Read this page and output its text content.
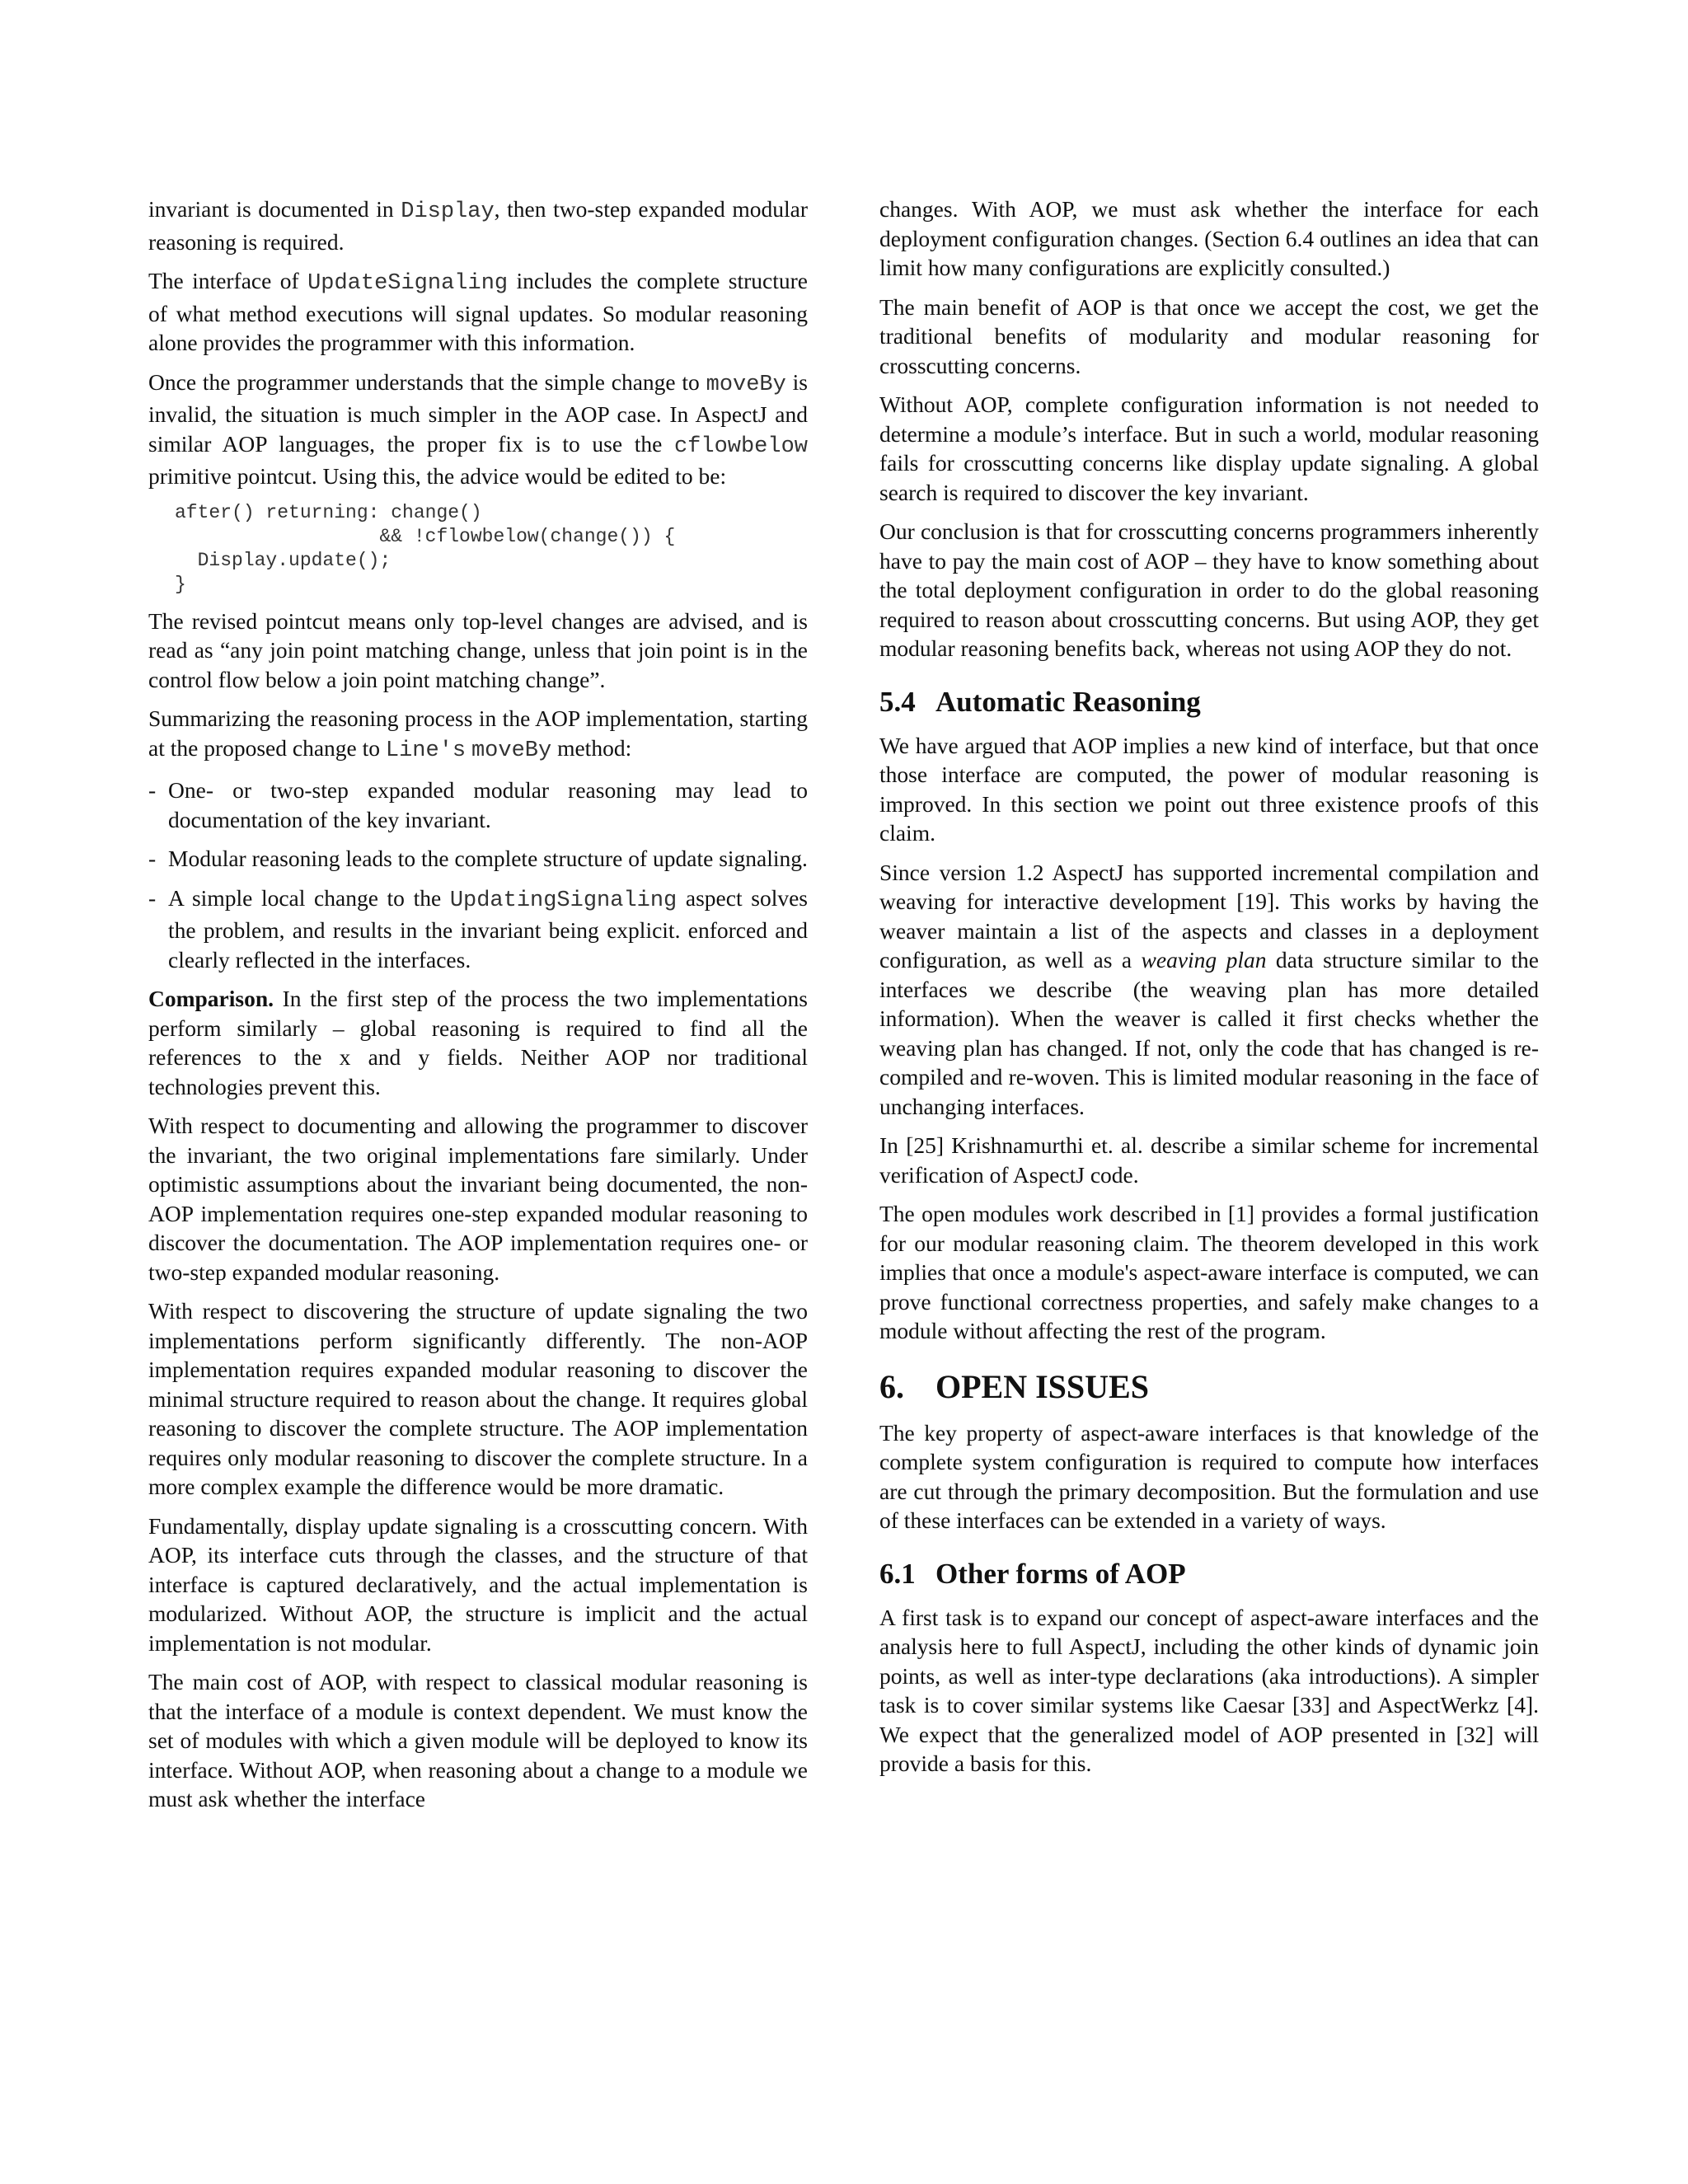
invariant is documented in Display, then two-step expanded modular reasoning is required.

The interface of UpdateSignaling includes the complete structure of what method executions will signal updates. So modular reasoning alone provides the programmer with this information.

Once the programmer understands that the simple change to moveBy is invalid, the situation is much simpler in the AOP case. In AspectJ and similar AOP languages, the proper fix is to use the cflowbelow primitive pointcut. Using this, the advice would be edited to be:

after() returning: change()
&& !cflowbelow(change()) {
Display.update();
}

The revised pointcut means only top-level changes are advised, and is read as “any join point matching change, unless that join point is in the control flow below a join point matching change”.

Summarizing the reasoning process in the AOP implementation, starting at the proposed change to Line's moveBy method:

- One- or two-step expanded modular reasoning may lead to documentation of the key invariant.
- Modular reasoning leads to the complete structure of update signaling.
- A simple local change to the UpdatingSignaling aspect solves the problem, and results in the invariant being explicit. enforced and clearly reflected in the interfaces.

Comparison. In the first step of the process the two implementations perform similarly – global reasoning is required to find all the references to the x and y fields. Neither AOP nor traditional technologies prevent this.

With respect to documenting and allowing the programmer to discover the invariant, the two original implementations fare similarly. Under optimistic assumptions about the invariant being documented, the non-AOP implementation requires one-step expanded modular reasoning to discover the documentation. The AOP implementation requires one- or two-step expanded modular reasoning.

With respect to discovering the structure of update signaling the two implementations perform significantly differently. The non-AOP implementation requires expanded modular reasoning to discover the minimal structure required to reason about the change. It requires global reasoning to discover the complete structure. The AOP implementation requires only modular reasoning to discover the complete structure. In a more complex example the difference would be more dramatic.

Fundamentally, display update signaling is a crosscutting concern. With AOP, its interface cuts through the classes, and the structure of that interface is captured declaratively, and the actual implementation is modularized. Without AOP, the structure is implicit and the actual implementation is not modular.

The main cost of AOP, with respect to classical modular reasoning is that the interface of a module is context dependent. We must know the set of modules with which a given module will be deployed to know its interface. Without AOP, when reasoning about a change to a module we must ask whether the interface

changes. With AOP, we must ask whether the interface for each deployment configuration changes. (Section 6.4 outlines an idea that can limit how many configurations are explicitly consulted.)

The main benefit of AOP is that once we accept the cost, we get the traditional benefits of modularity and modular reasoning for crosscutting concerns.

Without AOP, complete configuration information is not needed to determine a module’s interface. But in such a world, modular reasoning fails for crosscutting concerns like display update signaling. A global search is required to discover the key invariant.

Our conclusion is that for crosscutting concerns programmers inherently have to pay the main cost of AOP – they have to know something about the total deployment configuration in order to do the global reasoning required to reason about crosscutting concerns. But using AOP, they get modular reasoning benefits back, whereas not using AOP they do not.

5.4 Automatic Reasoning

We have argued that AOP implies a new kind of interface, but that once those interface are computed, the power of modular reasoning is improved. In this section we point out three existence proofs of this claim.

Since version 1.2 AspectJ has supported incremental compilation and weaving for interactive development [19]. This works by having the weaver maintain a list of the aspects and classes in a deployment configuration, as well as a weaving plan data structure similar to the interfaces we describe (the weaving plan has more detailed information). When the weaver is called it first checks whether the weaving plan has changed. If not, only the code that has changed is re-compiled and re-woven. This is limited modular reasoning in the face of unchanging interfaces.

In [25] Krishnamurthi et. al. describe a similar scheme for incremental verification of AspectJ code.

The open modules work described in [1] provides a formal justification for our modular reasoning claim. The theorem developed in this work implies that once a module's aspect-aware interface is computed, we can prove functional correctness properties, and safely make changes to a module without affecting the rest of the program.

6. OPEN ISSUES

The key property of aspect-aware interfaces is that knowledge of the complete system configuration is required to compute how interfaces are cut through the primary decomposition. But the formulation and use of these interfaces can be extended in a variety of ways.

6.1 Other forms of AOP

A first task is to expand our concept of aspect-aware interfaces and the analysis here to full AspectJ, including the other kinds of dynamic join points, as well as inter-type declarations (aka introductions). A simpler task is to cover similar systems like Caesar [33] and AspectWerkz [4]. We expect that the generalized model of AOP presented in [32] will provide a basis for this.
